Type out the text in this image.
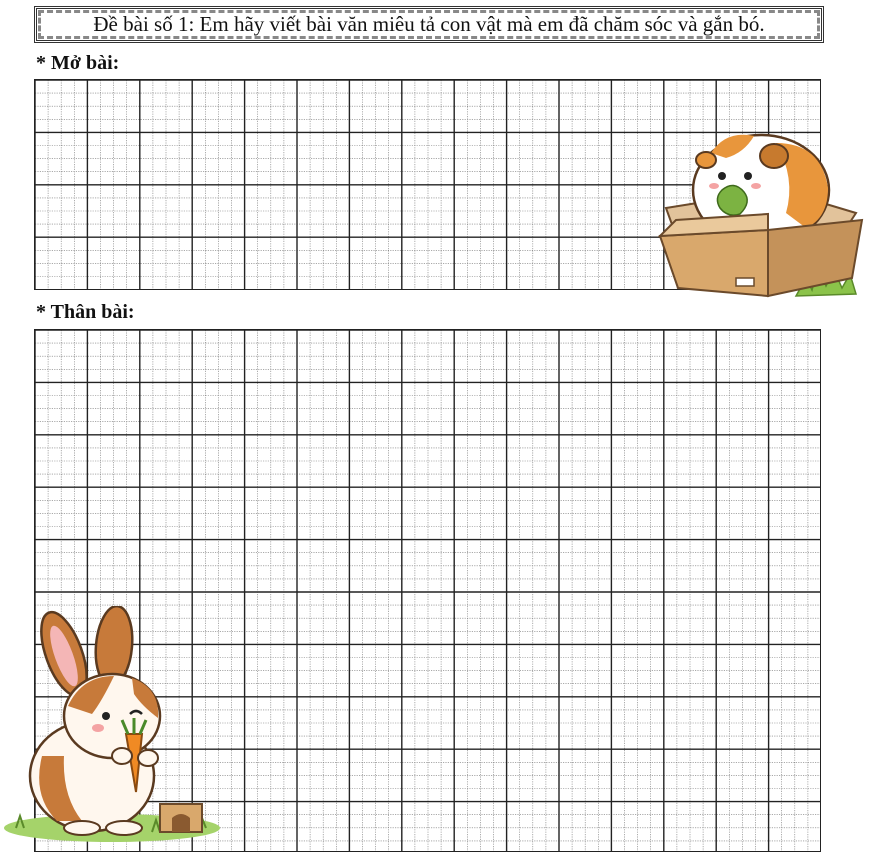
Đề bài số 1: Em hãy viết bài văn miêu tả con vật mà em đã chăm sóc và gắn bó.
* Mở bài:
* Thân bài:
